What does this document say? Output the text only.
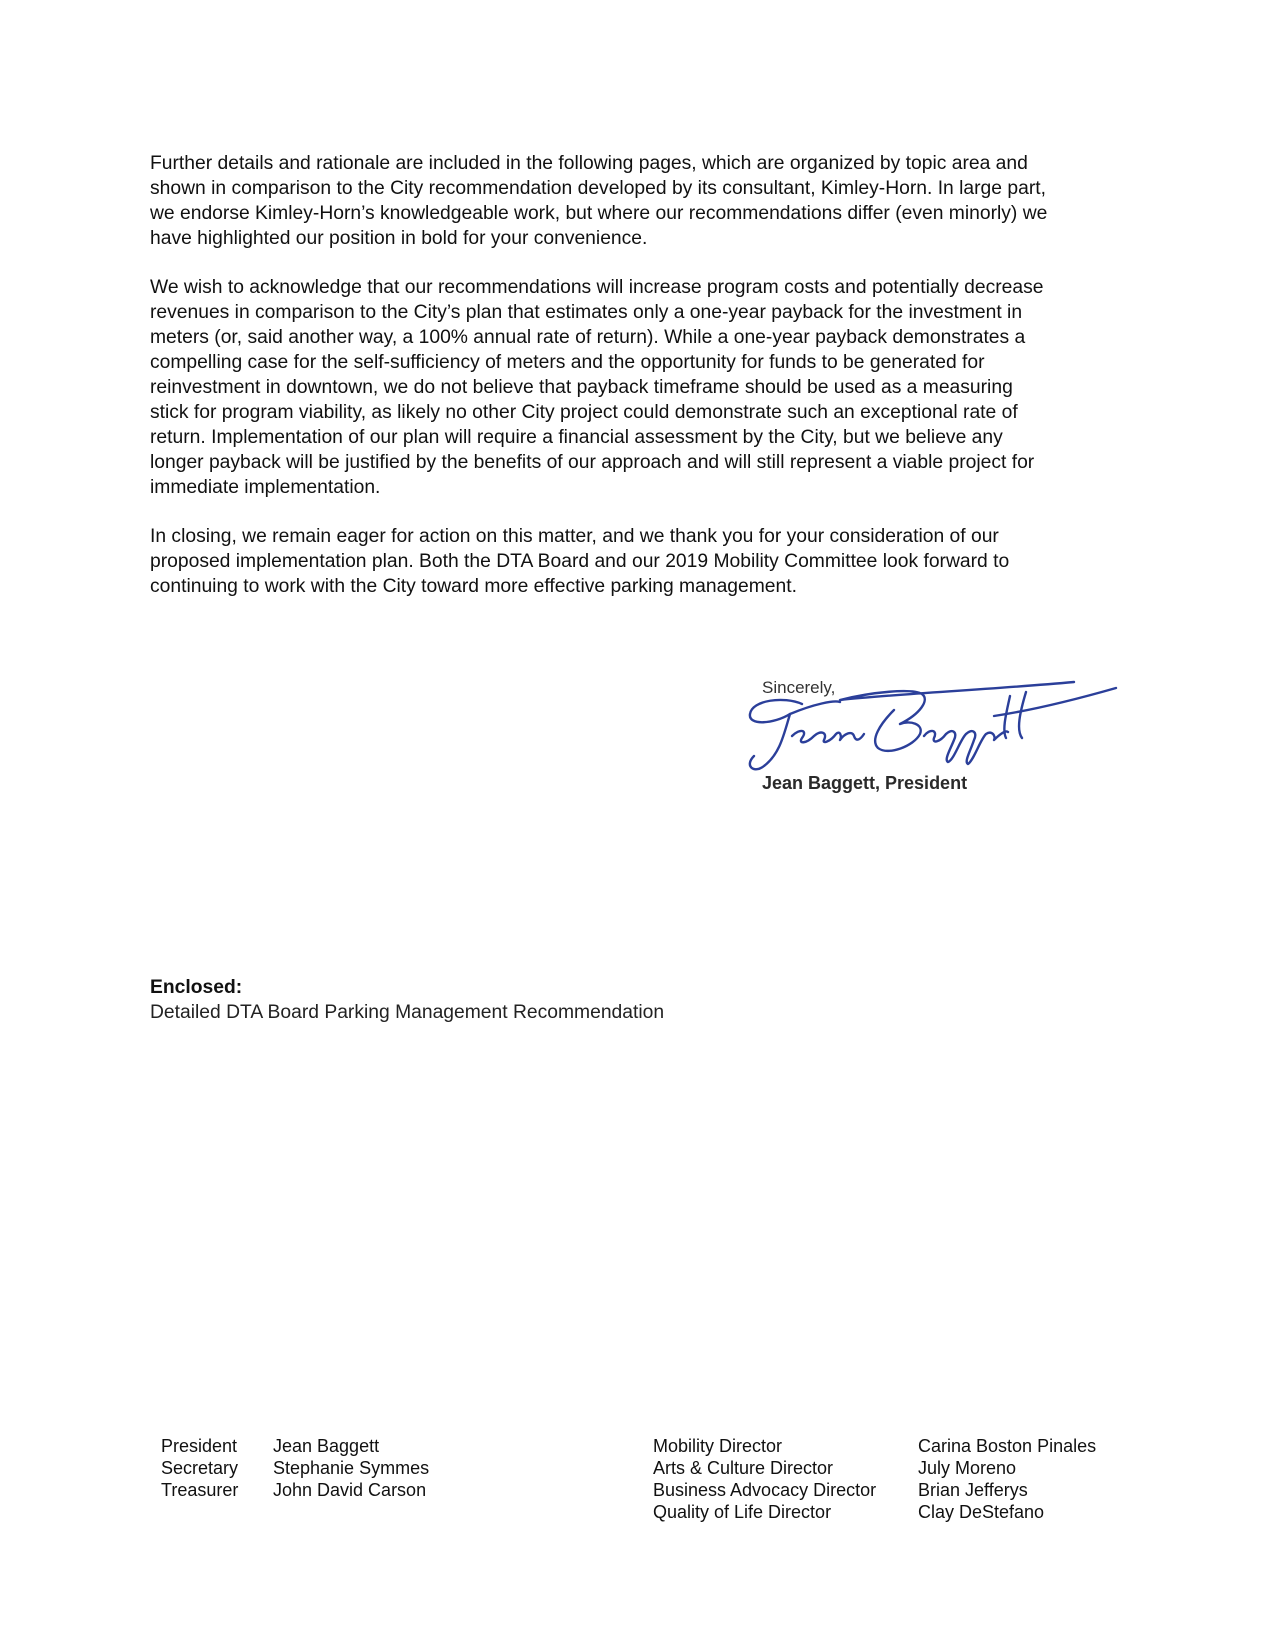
Further details and rationale are included in the following pages, which are organized by topic area and
shown in comparison to the City recommendation developed by its consultant, Kimley-Horn. In large part,
we endorse Kimley-Horn’s knowledgeable work, but where our recommendations differ (even minorly) we
have highlighted our position in bold for your convenience.

We wish to acknowledge that our recommendations will increase program costs and potentially decrease
revenues in comparison to the City’s plan that estimates only a one-year payback for the investment in
meters (or, said another way, a 100% annual rate of return). While a one-year payback demonstrates a
compelling case for the self-sufficiency of meters and the opportunity for funds to be generated for
reinvestment in downtown, we do not believe that payback timeframe should be used as a measuring
stick for program viability, as likely no other City project could demonstrate such an exceptional rate of
return. Implementation of our plan will require a financial assessment by the City, but we believe any
longer payback will be justified by the benefits of our approach and will still represent a viable project for
immediate implementation.

In closing, we remain eager for action on this matter, and we thank you for your consideration of our
proposed implementation plan. Both the DTA Board and our 2019 Mobility Committee look forward to
continuing to work with the City toward more effective parking management.

Sincerely,
Jean Baggett, President
Enclosed:
Detailed DTA Board Parking Management Recommendation
President
Secretary
Treasurer
Jean Baggett
Stephanie Symmes
John David Carson
Mobility Director
Arts & Culture Director
Business Advocacy Director
Quality of Life Director
Carina Boston Pinales
July Moreno
Brian Jefferys
Clay DeStefano
